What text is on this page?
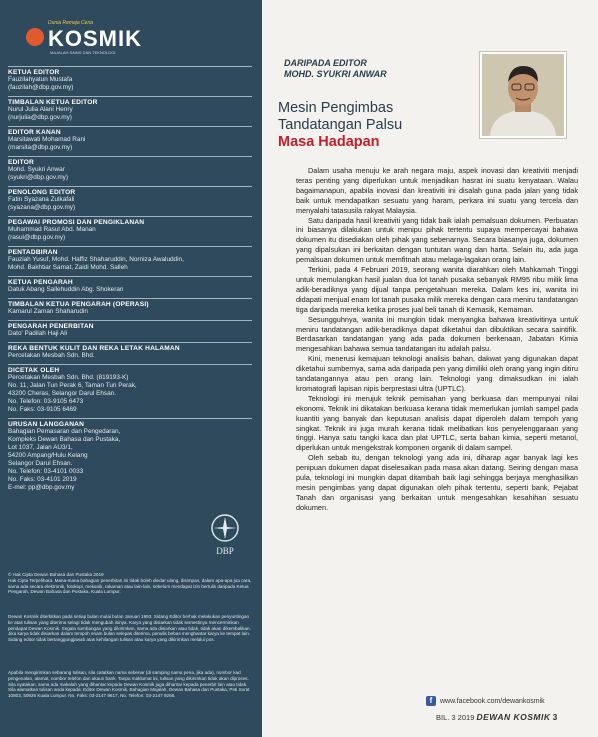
Dunia Remaja Ceria
KOSMIK
MAJALAH SAINS DAN TEKNOLOGI
KETUA EDITOR
Fauzilahyatun Mustafa
(fauzilah@dbp.gov.my)
TIMBALAN KETUA EDITOR
Nurul Julia Alani Henry
(nurjulia@dbp.gov.my)
EDITOR KANAN
Marsitawati Mohamad Rani
(marsita@dbp.gov.my)
EDITOR
Mohd. Syukri Anwar
(syukri@dbp.gov.my)
PENOLONG EDITOR
Fatin Syazana Zulkafali
(syazana@dbp.gov.my)
PEGAWAI PROMOSI DAN PENGIKLANAN
Muhammad Rasul Abd. Manan
(rasul@dbp.gov.my)
PENTADBIRAN
Fauziah Yusuf, Mohd. Haffiz Shaharuddin, Norniza Awaluddin,
Mohd. Bakhtiar Samat, Zaidi Mohd. Salleh
KETUA PENGARAH
Datuk Abang Sallehuddin Abg. Shokeran
TIMBALAN KETUA PENGARAH (OPERASI)
Kamarul Zaman Shaharudin
PENGARAH PENERBITAN
Dato' Padilah Haji Ali
REKA BENTUK KULIT DAN REKA LETAK HALAMAN
Percetakan Mesbah Sdn. Bhd.
DICETAK OLEH
Percetakan Mesbah Sdn. Bhd. (819193-K)
No. 11, Jalan Tun Perak 6, Taman Tun Perak,
43200 Cheras, Selangor Darul Ehsan.
No. Telefon: 03-9105 6473
No. Faks: 03-9105 6469
URUSAN LANGGANAN
Bahagian Pemasaran dan Pengedaran,
Kompleks Dewan Bahasa dan Pustaka,
Lot 1037, Jalan AU3/1,
54200 Ampang/Hulu Kelang
Selangor Darul Ehsan.
No. Telefon: 03-4101 0033
No. Faks: 03-4101 2019
E-mel: pp@dbp.gov.my
DBP
© Hak Cipta Dewan Bahasa dan Pustaka 2019
Hak Cipta Terpelihara. Mana-mana bahagian penerbitan ini tidak boleh diedar ulang, disimpan, dalam apa-apa jua cara, sama ada secara elektronik, fotokopi, mekanik, rakaman atau lain-lain, sebelum mendapat izin bertulis daripada Ketua Pengarah, Dewan Bahasa dan Pustaka, Kuala Lumpur.
Dewan Kosmik diterbitkan pada setiap bulan mulai bulan Januari 1993. Sidang Editor berhak melakukan penyuntingan ke atas tulisan yang diterima selagi tidak mengubah isinya. Karya yang disiarkan tidak semestinya mencerminkan pendapat Dewan Kosmik. Segala sumbangan yang dikirimkan, sama ada disiarkan atau tidak, tidak akan dikembalikan. Jika karya tidak disiarkan dalam tempoh enam bulan selepas diterima, penulis bebas menghantar karya ke tempat lain. Sidang editor tidak bertanggungjawab atas kehilangan tulisan atau karya yang dikirimkan melalui pos.
Apabila mengirimkan sebarang tulisan, sila catatkan nama sebenar (di samping nama pena, jika ada), nombor kad pengenalan, alamat, nombor telefon dan akaun bank. Tanpa maklumat ini, tulisan yang dikirimkan tidak akan diproses. Sila nyatakan, sama ada makalah yang dihantar kepada Dewan Kosmik juga dihantar kepada penerbit lain atau tidak. Sila alamatkan tulisan anda kepada: Editor Dewan Kosmik, Bahagian Majalah, Dewan Bahasa dan Pustaka, Peti Surat 10803, 50926 Kuala Lumpur. No. Faks: 03-2147 9617, No. Telefon: 03-2147 9266.
DARIPADA EDITOR
MOHD. SYUKRI ANWAR
Mesin Pengimbas
Tandatangan Palsu
Masa Hadapan

Dalam usaha menuju ke arah negara maju, aspek inovasi dan kreativiti menjadi teras penting yang diperlukan untuk menjadikan hasrat ini suatu kenyataan. Walau bagaimanapun, apabila inovasi dan kreativiti ini disalah guna pada jalan yang tidak baik untuk mendapatkan sesuatu yang haram, perkara ini suatu yang tercela dan menyalahi tatasusila rakyat Malaysia.

Satu daripada hasil kreativiti yang tidak baik ialah pemalsuan dokumen. Perbuatan ini biasanya dilakukan untuk menipu pihak tertentu supaya mempercayai bahawa dokumen itu disediakan oleh pihak yang sebenarnya. Secara biasanya juga, dokumen yang dipalsukan ini berkaitan dengan tuntutan wang dan harta. Selain itu, ada juga pemalsuan dokumen untuk memfitnah atau melaga-lagakan orang lain.

Terkini, pada 4 Februari 2019, seorang wanita diarahkan oleh Mahkamah Tinggi untuk memulangkan hasil jualan dua lot tanah pusaka sebanyak RM95 ribu milik lima adik-beradiknya yang dijual tanpa pengetahuan mereka. Dalam kes ini, wanita ini didapati menjual enam lot tanah pusaka milik mereka dengan cara meniru tandatangan tiga daripada mereka ketika proses jual beli tanah di Kemasik, Kemaman.

Sesungguhnya, wanita ini mungkin tidak menyangka bahawa kreativitinya untuk meniru tandatangan adik-beradiknya dapat diketahui dan dibuktikan secara saintifik. Berdasarkan tandatangan yang ada pada dokumen berkenaan, Jabatan Kimia mengesahkan bahawa semua tandatangan itu adalah palsu.

Kini, menerusi kemajuan teknologi analisis bahan, dakwat yang digunakan dapat diketahui sumbernya, sama ada daripada pen yang dimiliki oleh orang yang ingin ditiru tandatangannya atau pen orang lain. Teknologi yang dimaksudkan ini ialah kromatografi lapisan nipis berprestasi ultra (UPTLC).

Teknologi ini merujuk teknik pemisahan yang berkuasa dan mempunyai nilai ekonomi. Teknik ini dikatakan berkuasa kerana tidak memerlukan jumlah sampel pada kuantiti yang banyak dan keputusan analisis dapat diperoleh dalam tempoh yang singkat. Teknik ini juga murah kerana tidak melibatkan kos penyelenggaraan yang tinggi. Hanya satu tangki kaca dan plat UPTLC, serta bahan kimia, seperti metanol, diperlukan untuk mengekstrak komponen organik di dalam sampel.

Oleh sebab itu, dengan teknologi yang ada ini, diharap agar banyak lagi kes penipuan dokumen dapat diselesaikan pada masa akan datang. Seiring dengan masa pula, teknologi ini mungkin dapat ditambah baik lagi sehingga berjaya menghasilkan mesin pengimbas yang dapat digunakan oleh pihak tertentu, seperti bank, Pejabat Tanah dan organisasi yang berkaitan untuk mengesahkan kesahihan sesuatu dokumen.

f www.facebook.com/dewankosmik
BIL. 3 2019 DEWAN KOSMIK 3
